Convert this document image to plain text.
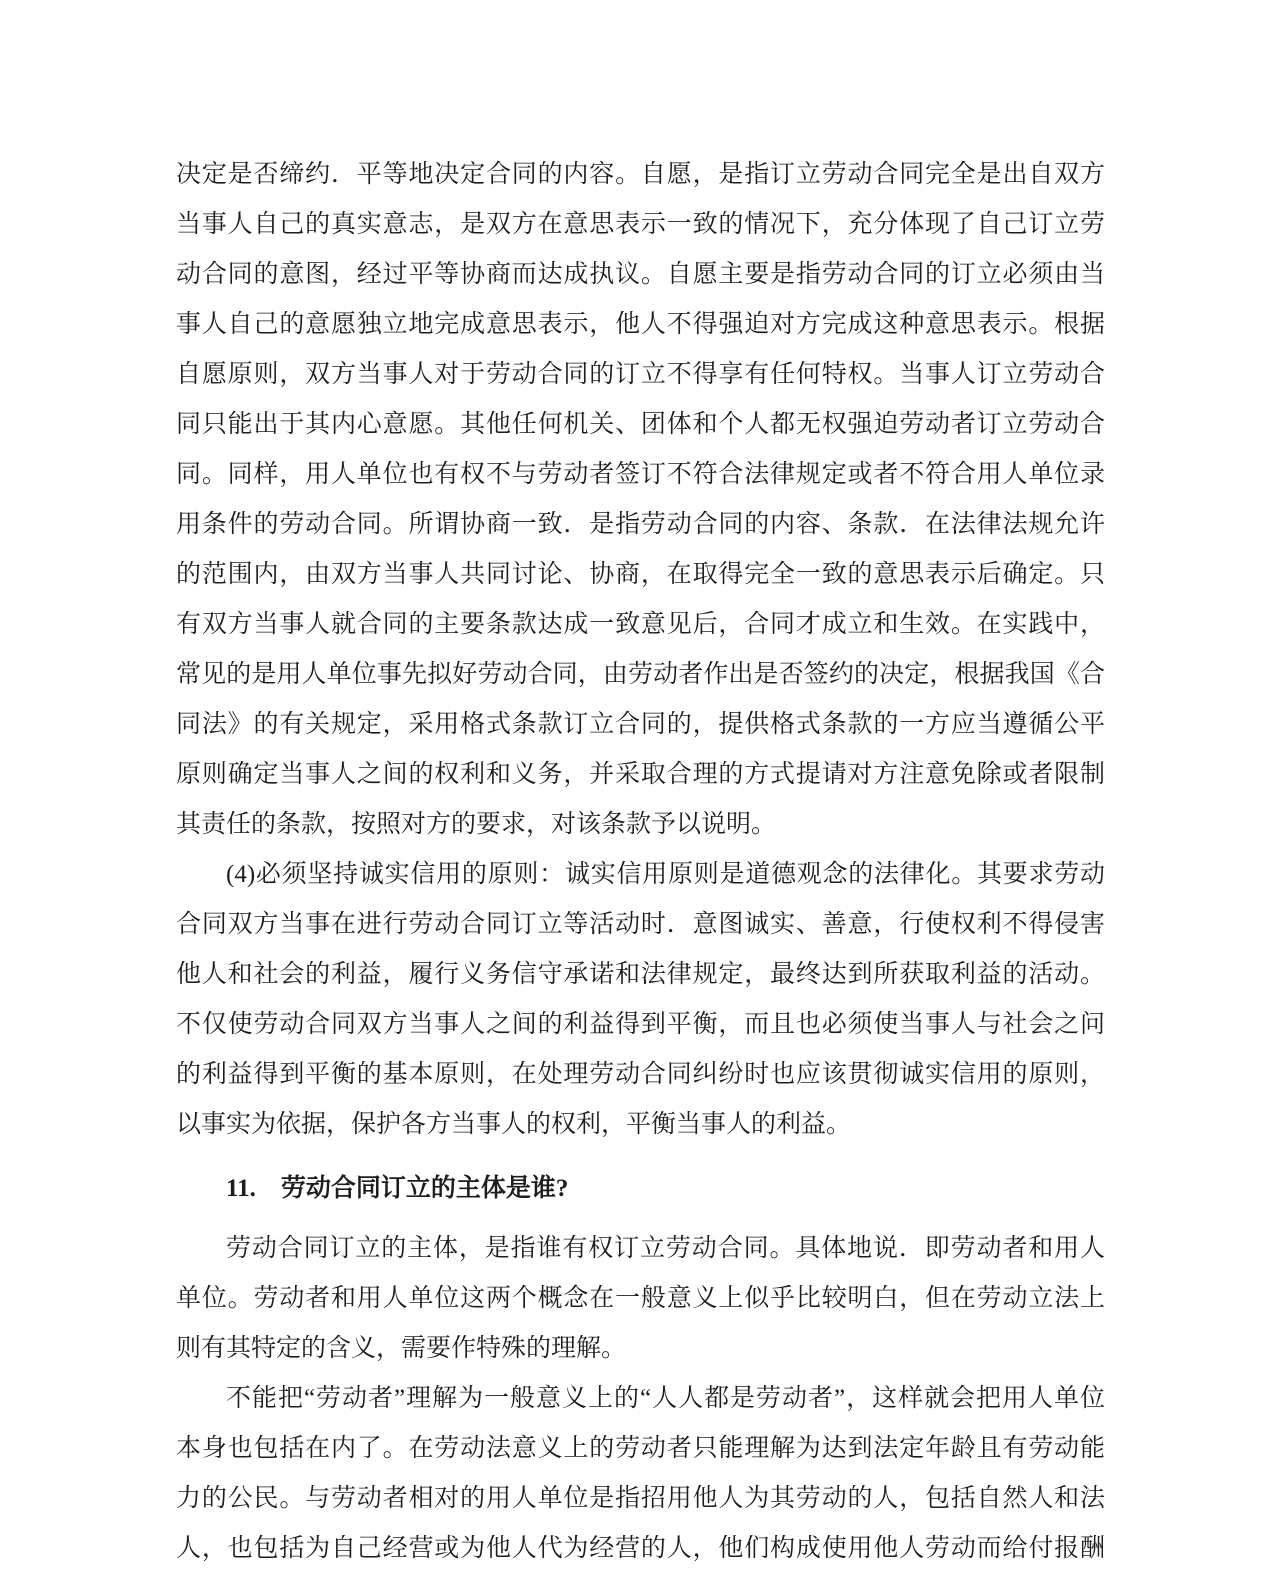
决定是否缔约．平等地决定合同的内容。自愿，是指订立劳动合同完全是出自双方
当事人自己的真实意志，是双方在意思表示一致的情况下，充分体现了自己订立劳
动合同的意图，经过平等协商而达成执议。自愿主要是指劳动合同的订立必须由当
事人自己的意愿独立地完成意思表示，他人不得强迫对方完成这种意思表示。根据
自愿原则，双方当事人对于劳动合同的订立不得享有任何特权。当事人订立劳动合
同只能出于其内心意愿。其他任何机关、团体和个人都无权强迫劳动者订立劳动合
同。同样，用人单位也有权不与劳动者签订不符合法律规定或者不符合用人单位录
用条件的劳动合同。所谓协商一致．是指劳动合同的内容、条款．在法律法规允许
的范围内，由双方当事人共同讨论、协商，在取得完全一致的意思表示后确定。只
有双方当事人就合同的主要条款达成一致意见后，合同才成立和生效。在实践中，
常见的是用人单位事先拟好劳动合同，由劳动者作出是否签约的决定，根据我国《合
同法》的有关规定，采用格式条款订立合同的，提供格式条款的一方应当遵循公平
原则确定当事人之间的权利和义务，并采取合理的方式提请对方注意免除或者限制
其责任的条款，按照对方的要求，对该条款予以说明。
(4)必须坚持诚实信用的原则：诚实信用原则是道德观念的法律化。其要求劳动
合同双方当事在进行劳动合同订立等活动时．意图诚实、善意，行使权利不得侵害
他人和社会的利益，履行义务信守承诺和法律规定，最终达到所获取利益的活动。
不仅使劳动合同双方当事人之间的利益得到平衡，而且也必须使当事人与社会之问
的利益得到平衡的基本原则，在处理劳动合同纠纷时也应该贯彻诚实信用的原则，
以事实为依据，保护各方当事人的权利，平衡当事人的利益。
11.　劳动合同订立的主体是谁?
劳动合同订立的主体，是指谁有权订立劳动合同。具体地说．即劳动者和用人
单位。劳动者和用人单位这两个概念在一般意义上似乎比较明白，但在劳动立法上
则有其特定的含义，需要作特殊的理解。
不能把“劳动者”理解为一般意义上的“人人都是劳动者”，这样就会把用人单位
本身也包括在内了。在劳动法意义上的劳动者只能理解为达到法定年龄且有劳动能
力的公民。与劳动者相对的用人单位是指招用他人为其劳动的人，包括自然人和法
人，也包括为自己经营或为他人代为经营的人，他们构成使用他人劳动而给付报酬
